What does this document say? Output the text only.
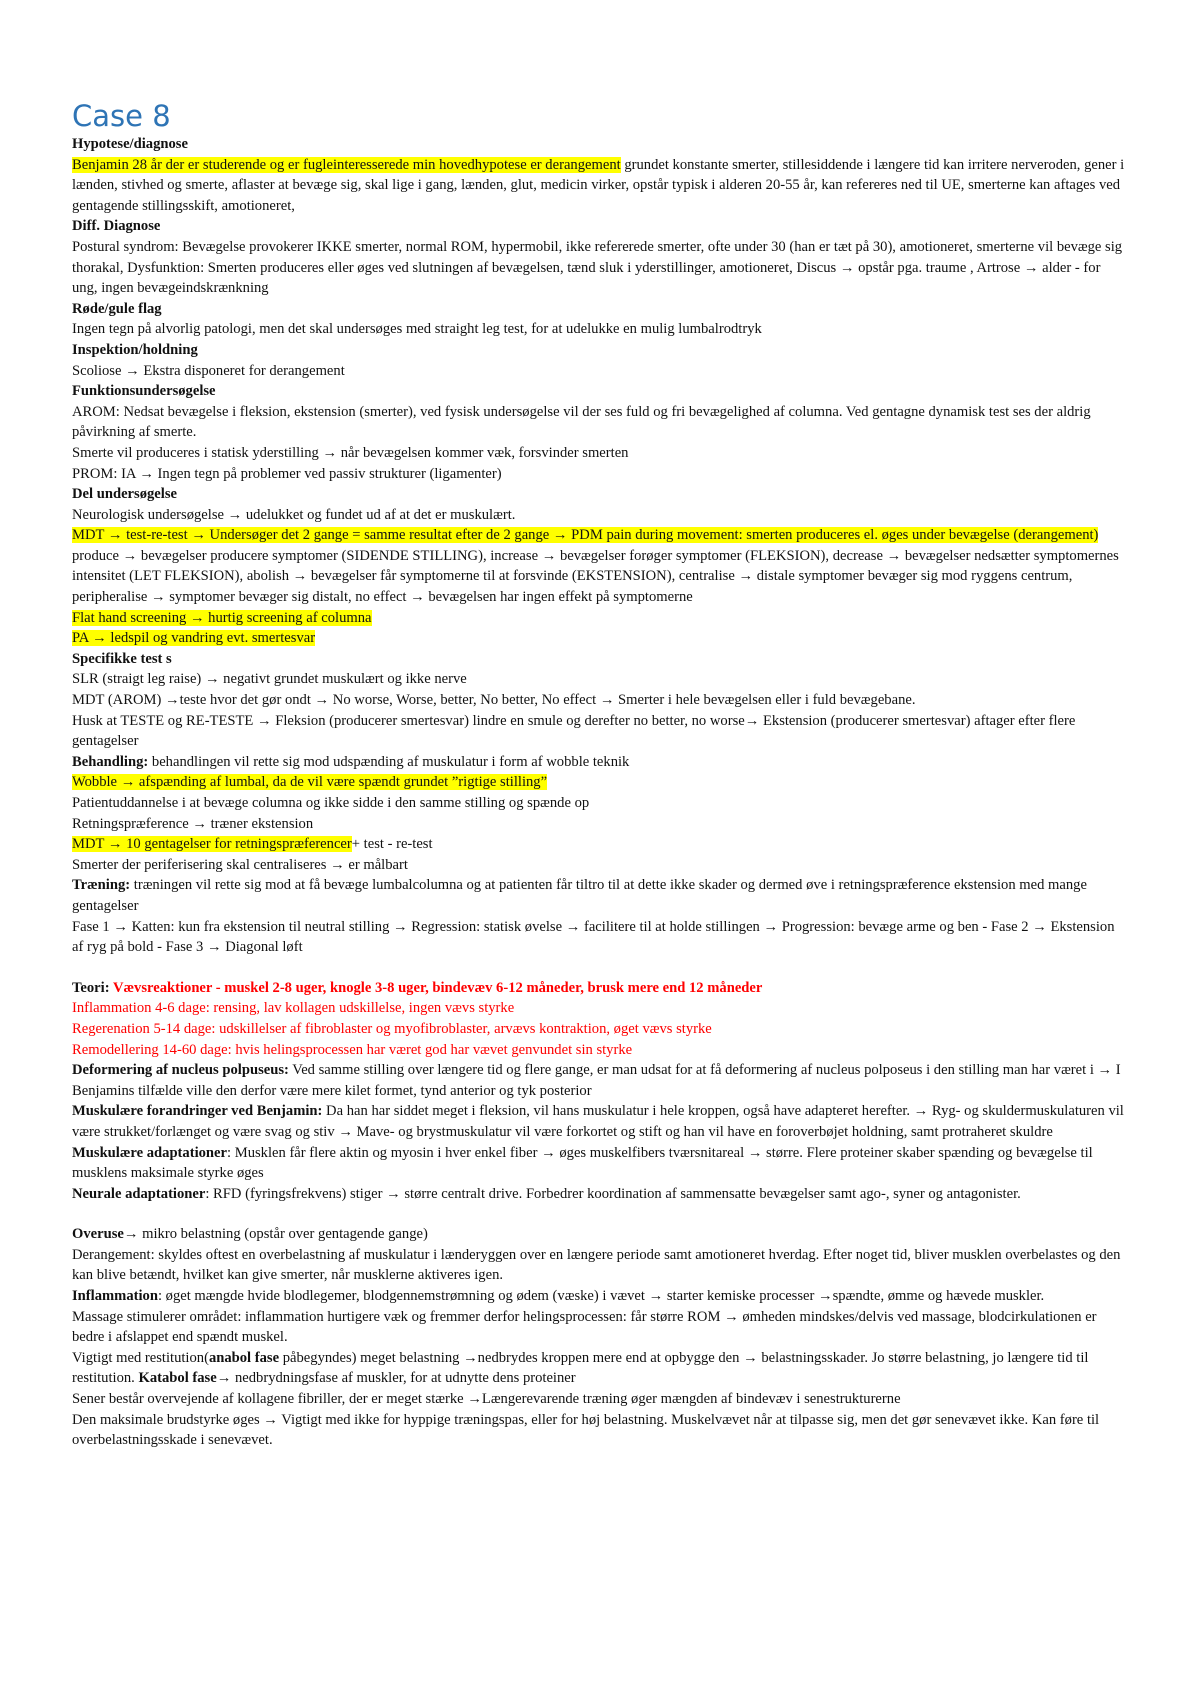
Case 8

Hypotese/diagnose

Benjamin 28 år der er studerende og er fugleinteresserede min hovedhypotese er derangement grundet konstante smerter, stillesiddende i længere tid kan irritere nerveroden, gener i lænden, stivhed og smerte, aflaster at bevæge sig, skal lige i gang, lænden, glut, medicin virker, opstår typisk i alderen 20-55 år, kan refereres ned til UE, smerterne kan aftages ved gentagende stillingsskift, amotioneret,

Diff. Diagnose

Postural syndrom: Bevægelse provokerer IKKE smerter, normal ROM, hypermobil, ikke refererede smerter, ofte under 30 (han er tæt på 30), amotioneret, smerterne vil bevæge sig thorakal, Dysfunktion: Smerten produceres eller øges ved slutningen af bevægelsen, tænd sluk i yderstillinger, amotioneret, Discus → opstår pga. traume , Artrose → alder - for ung, ingen bevægeindskrænkning

Røde/gule flag

Ingen tegn på alvorlig patologi, men det skal undersøges med straight leg test, for at udelukke en mulig lumbalrodtryk

Inspektion/holdning

Scoliose → Ekstra disponeret for derangement

Funktionsundersøgelse

AROM: Nedsat bevægelse i fleksion, ekstension (smerter), ved fysisk undersøgelse vil der ses fuld og fri bevægelighed af columna. Ved gentagne dynamisk test ses der aldrig påvirkning af smerte.

Smerte vil produceres i statisk yderstilling → når bevægelsen kommer væk, forsvinder smerten

PROM: IA → Ingen tegn på problemer ved passiv strukturer (ligamenter)

Del undersøgelse

Neurologisk undersøgelse → udelukket og fundet ud af at det er muskulært.

MDT → test-re-test → Undersøger det 2 gange = samme resultat efter de 2 gange → PDM pain during movement: smerten produceres el. øges under bevægelse (derangement)

produce → bevægelser producere symptomer (SIDENDE STILLING), increase → bevægelser forøger symptomer (FLEKSION), decrease → bevægelser nedsætter symptomernes intensitet (LET FLEKSION), abolish → bevægelser får symptomerne til at forsvinde (EKSTENSION), centralise → distale symptomer bevæger sig mod ryggens centrum, peripheralise → symptomer bevæger sig distalt, no effect → bevægelsen har ingen effekt på symptomerne

Flat hand screening → hurtig screening af columna

PA → ledspil og vandring evt. smertesvar

Specifikke test s

SLR (straigt leg raise) → negativt grundet muskulært og ikke nerve

MDT (AROM) →teste hvor det gør ondt → No worse, Worse, better, No better, No effect → Smerter i hele bevægelsen eller i fuld bevægebane.

Husk at TESTE og RE-TESTE → Fleksion (producerer smertesvar) lindre en smule og derefter no better, no worse→ Ekstension (producerer smertesvar) aftager efter flere gentagelser

Behandling: behandlingen vil rette sig mod udspænding af muskulatur i form af wobble teknik

Wobble → afspænding af lumbal, da de vil være spændt grundet ”rigtige stilling”

Patientuddannelse i at bevæge columna og ikke sidde i den samme stilling og spænde op

Retningspræference → træner ekstension

MDT → 10 gentagelser for retningspræferencer+ test - re-test

Smerter der periferisering skal centraliseres → er målbart

Træning: træningen vil rette sig mod at få bevæge lumbalcolumna og at patienten får tiltro til at dette ikke skader og dermed øve i retningspræference ekstension med mange gentagelser

Fase 1 → Katten: kun fra ekstension til neutral stilling → Regression: statisk øvelse → facilitere til at holde stillingen → Progression: bevæge arme og ben - Fase 2 → Ekstension af ryg på bold - Fase 3 → Diagonal løft

Teori: Vævsreaktioner - muskel 2-8 uger, knogle 3-8 uger, bindevæv 6-12 måneder, brusk mere end 12 måneder

Inflammation 4-6 dage: rensing, lav kollagen udskillelse, ingen vævs styrke

Regerenation 5-14 dage: udskillelser af fibroblaster og myofibroblaster, arvævs kontraktion, øget vævs styrke

Remodellering 14-60 dage: hvis helingsprocessen har været god har vævet genvundet sin styrke

Deformering af nucleus polpuseus: Ved samme stilling over længere tid og flere gange, er man udsat for at få deformering af nucleus polposeus i den stilling man har været i → I Benjamins tilfælde ville den derfor være mere kilet formet, tynd anterior og tyk posterior

Muskulære forandringer ved Benjamin: Da han har siddet meget i fleksion, vil hans muskulatur i hele kroppen, også have adapteret herefter. → Ryg- og skuldermuskulaturen vil være strukket/forlænget og være svag og stiv → Mave- og brystmuskulatur vil være forkortet og stift og han vil have en foroverbøjet holdning, samt protraheret skuldre

Muskulære adaptationer: Musklen får flere aktin og myosin i hver enkel fiber → øges muskelfibers tværsnitareal → større. Flere proteiner skaber spænding og bevægelse til musklens maksimale styrke øges

Neurale adaptationer: RFD (fyringsfrekvens) stiger → større centralt drive. Forbedrer koordination af sammensatte bevægelser samt ago-, syner og antagonister.

Overuse→ mikro belastning (opstår over gentagende gange)

Derangement: skyldes oftest en overbelastning af muskulatur i lænderyggen over en længere periode samt amotioneret hverdag. Efter noget tid, bliver musklen overbelastes og den kan blive betændt, hvilket kan give smerter, når musklerne aktiveres igen.

Inflammation: øget mængde hvide blodlegemer, blodgennemstrømning og ødem (væske) i vævet → starter kemiske processer →spændte, ømme og hævede muskler.

Massage stimulerer området: inflammation hurtigere væk og fremmer derfor helingsprocessen: får større ROM → ømheden mindskes/delvis ved massage, blodcirkulationen er bedre i afslappet end spændt muskel.

Vigtigt med restitution(anabol fase påbegyndes) meget belastning →nedbrydes kroppen mere end at opbygge den → belastningsskader. Jo større belastning, jo længere tid til restitution. Katabol fase→ nedbrydningsfase af muskler, for at udnytte dens proteiner

Sener består overvejende af kollagene fibriller, der er meget stærke →Længerevarende træning øger mængden af bindevæv i senestrukturerne

Den maksimale brudstyrke øges → Vigtigt med ikke for hyppige træningspas, eller for høj belastning. Muskelvævet når at tilpasse sig, men det gør senevævet ikke. Kan føre til overbelastningsskade i senevævet.
